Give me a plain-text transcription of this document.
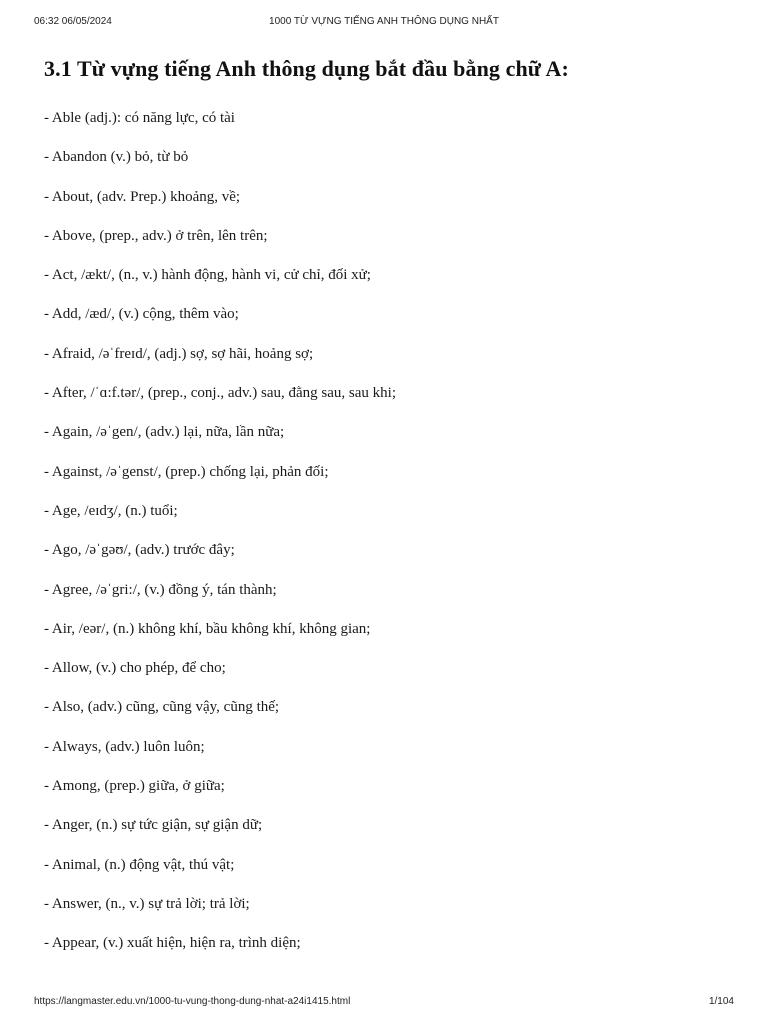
06:32 06/05/2024	1000 TỪ VỰNG TIẾNG ANH THÔNG DỤNG NHẤT
3.1 Từ vựng tiếng Anh thông dụng bắt đầu bằng chữ A:
- Able (adj.): có năng lực, có tài
- Abandon (v.) bỏ, từ bỏ
- About, (adv. Prep.) khoảng, về;
- Above, (prep., adv.) ở trên, lên trên;
- Act, /ækt/, (n., v.) hành động, hành vi, cử chỉ, đối xử;
- Add, /æd/, (v.) cộng, thêm vào;
- Afraid, /əˈfreɪd/, (adj.) sợ, sợ hãi, hoảng sợ;
- After, /ˈɑ:f.tər/, (prep., conj., adv.) sau, đằng sau, sau khi;
- Again, /əˈgen/, (adv.) lại, nữa, lần nữa;
- Against, /əˈgenst/, (prep.) chống lại, phản đối;
- Age, /eɪdʒ/, (n.) tuổi;
- Ago, /əˈgəʊ/, (adv.) trước đây;
- Agree, /əˈgri:/, (v.) đồng ý, tán thành;
- Air, /eər/, (n.) không khí, bầu không khí, không gian;
- Allow, (v.) cho phép, để cho;
- Also, (adv.) cũng, cũng vậy, cũng thế;
- Always, (adv.) luôn luôn;
- Among, (prep.) giữa, ở giữa;
- Anger, (n.) sự tức giận, sự giận dữ;
- Animal, (n.) động vật, thú vật;
- Answer, (n., v.) sự trả lời; trả lời;
- Appear, (v.) xuất hiện, hiện ra, trình diện;
https://langmaster.edu.vn/1000-tu-vung-thong-dung-nhat-a24i1415.html	1/104
